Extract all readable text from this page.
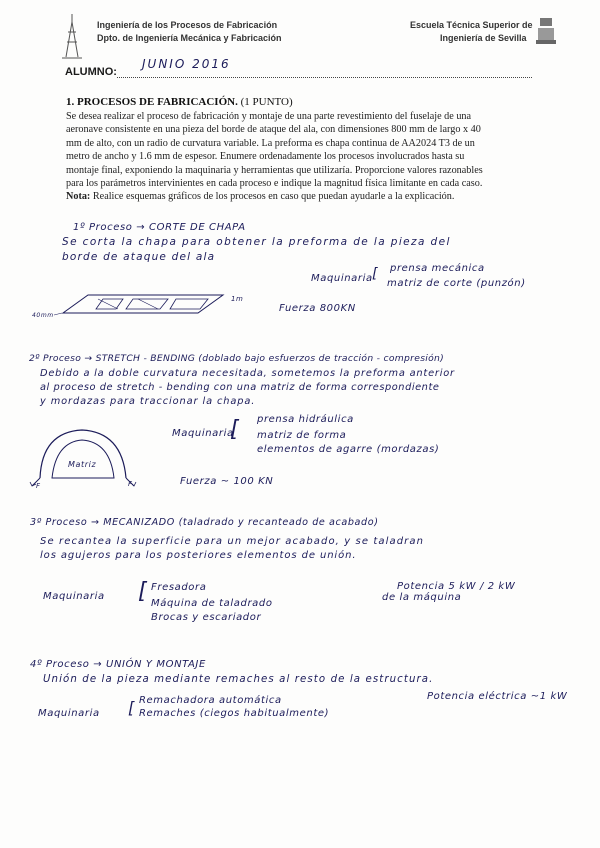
Ingeniería de los Procesos de Fabricación
Dpto. de Ingeniería Mecánica y Fabricación
Escuela Técnica Superior de
Ingeniería de Sevilla
ALUMNO:
JUNIO 2016
1. PROCESOS DE FABRICACIÓN. (1 PUNTO)
Se desea realizar el proceso de fabricación y montaje de una parte revestimiento del fuselaje de una
aeronave consistente en una pieza del borde de ataque del ala, con dimensiones 800 mm de largo x 40
mm de alto, con un radio de curvatura variable. La preforma es chapa continua de AA2024 T3 de un
metro de ancho y 1.6 mm de espesor. Enumere ordenadamente los procesos involucrados hasta su
montaje final, exponiendo la maquinaria y herramientas que utilizaría. Proporcione valores razonables
para los parámetros intervinientes en cada proceso e indique la magnitud física limitante en cada caso.
Nota: Realice esquemas gráficos de los procesos en caso que puedan ayudarle a la explicación.
1º Proceso → CORTE DE CHAPA
Se corta la chapa para obtener la preforma de la pieza del
borde de ataque del ala
Maquinaria [ prensa mecánica
matriz de corte (punzón)
40mm
1m
Fuerza 800KN
2º Proceso → STRETCH - BENDING (doblado bajo esfuerzos de tracción - compresión)
Debido a la doble curvatura necesitada, sometemos la preforma anterior
al proceso de stretch - bending con una matriz de forma correspondiente
y mordazas para traccionar la chapa.
Maquinaria
[ prensa hidráulica
matriz de forma
elementos de agarre (mordazas)
Matriz
F	F	Fuerza ~ 100 KN
3º Proceso → MECANIZADO (taladrado y recanteado de acabado)
Se recanteа la superficie para un mejor acabado, y se taladran
los agujeros para los posteriores elementos de unión.
Maquinaria [ Fresadora
Máquina de taladrado
Brocas y escariador
Potencia 5 kW / 2 kW
de la máquina
4º Proceso → UNIÓN Y MONTAJE
Unión de la pieza mediante remaches al resto de la estructura.
Maquinaria [ Remachadora automática
Remaches (ciegos habitualmente)
Potencia eléctrica ~1 kW
